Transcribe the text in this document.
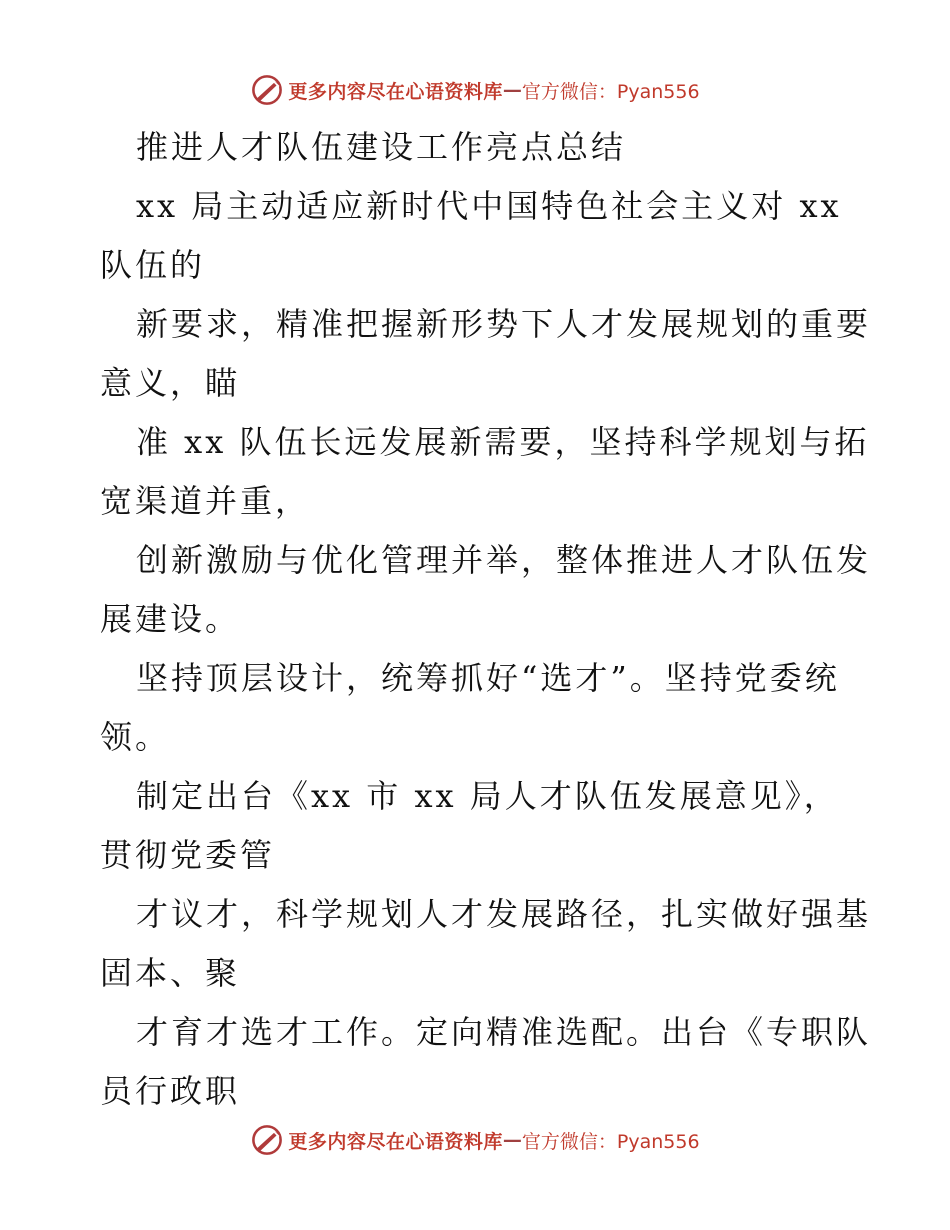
更多内容尽在心语资料库 — 官方微信：Pyan556
推进人才队伍建设工作亮点总结
xx 局主动适应新时代中国特色社会主义对 xx
队伍的
新要求，精准把握新形势下人才发展规划的重要
意义，瞄
准 xx 队伍长远发展新需要，坚持科学规划与拓
宽渠道并重，
创新激励与优化管理并举，整体推进人才队伍发
展建设。
坚持顶层设计，统筹抓好“选才”。坚持党委统
领。
制定出台《xx 市 xx 局人才队伍发展意见》，
贯彻党委管
才议才，科学规划人才发展路径，扎实做好强基
固本、聚
才育才选才工作。定向精准选配。出台《专职队
员行政职
更多内容尽在心语资料库 — 官方微信：Pyan556
